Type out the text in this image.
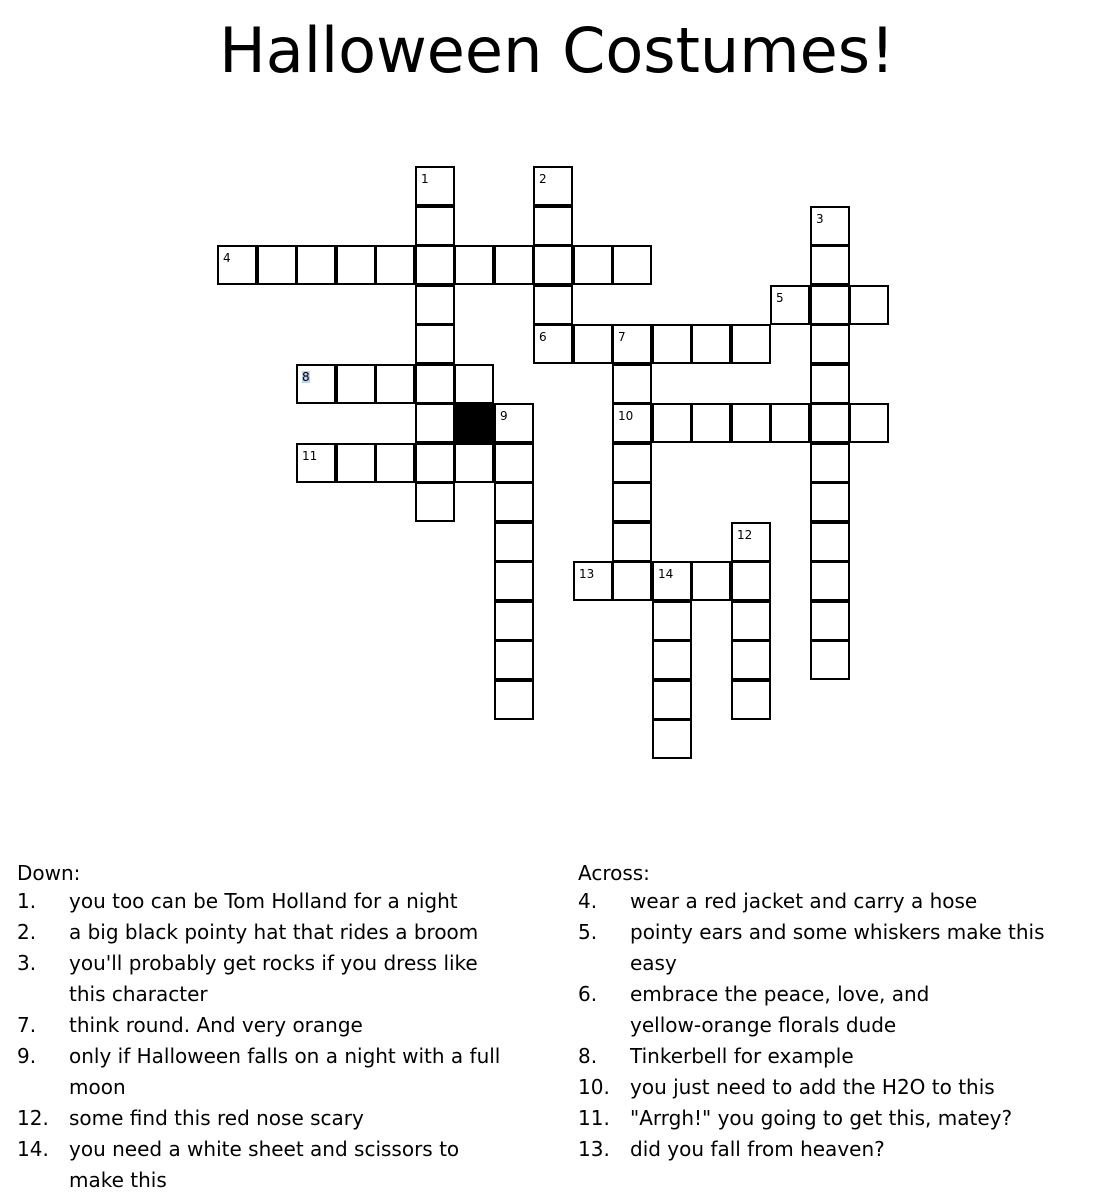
Halloween Costumes!
1	2
3
4
5
6	7
8
9	10
11
12
13	14
Down:
1.	you too can be Tom Holland for a night
2.	a big black pointy hat that rides a broom
3.	you'll probably get rocks if you dress like
this character
7.	think round. And very orange
9.	only if Halloween falls on a night with a full
moon
12.	some find this red nose scary
14.	you need a white sheet and scissors to
make this
Across:
4.	wear a red jacket and carry a hose
5.	pointy ears and some whiskers make this
easy
6.	embrace the peace, love, and
yellow-orange florals dude
8.	Tinkerbell for example
10.	you just need to add the H2O to this
11.	"Arrgh!" you going to get this, matey?
13.	did you fall from heaven?
